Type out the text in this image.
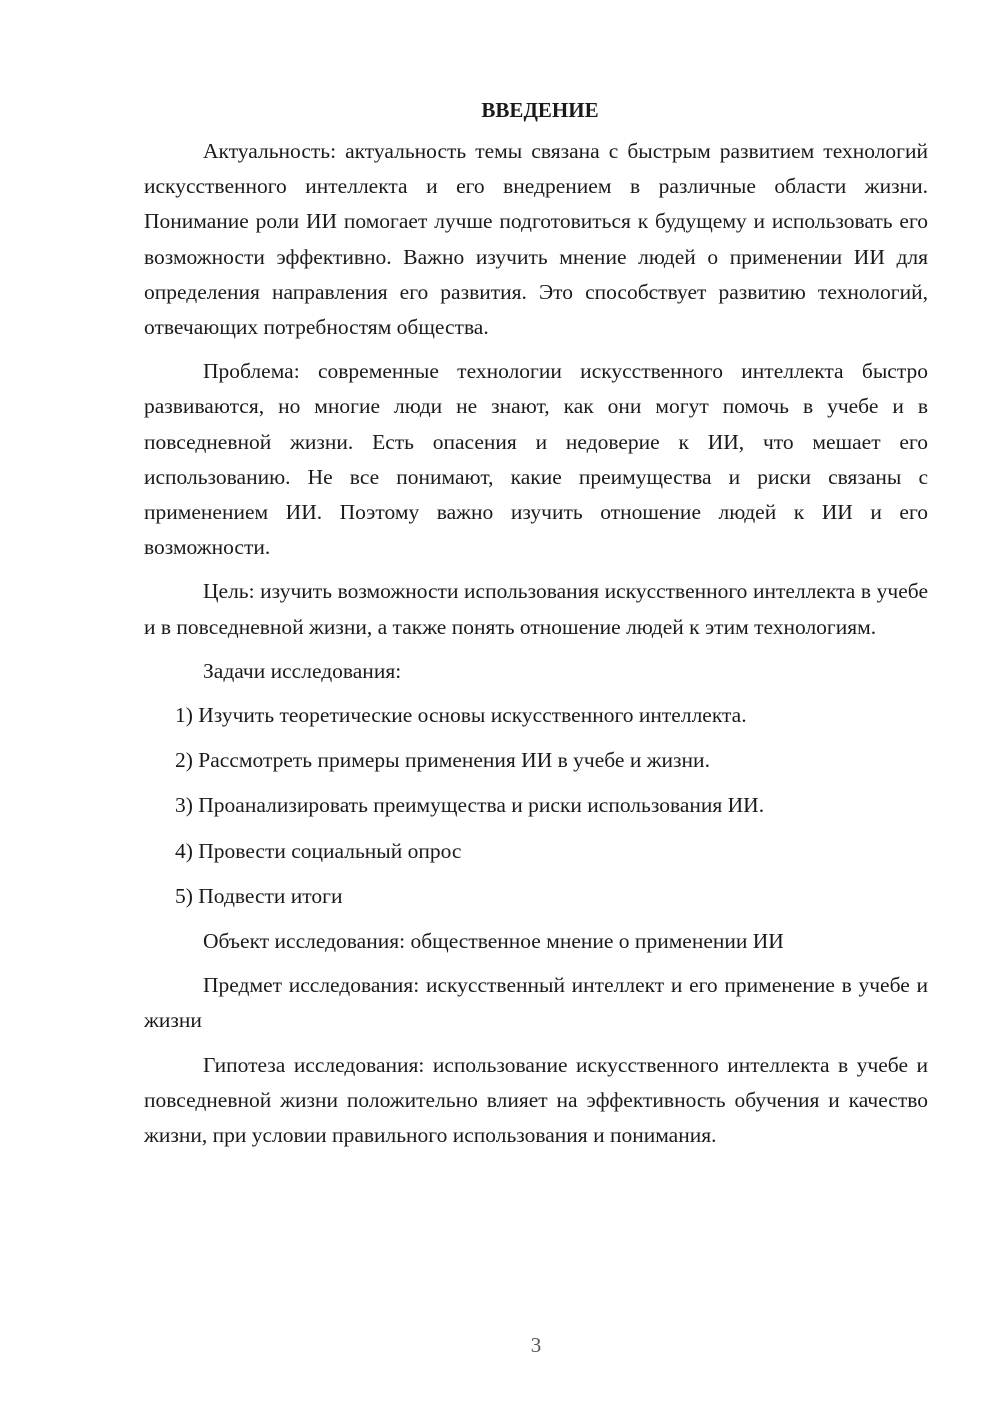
ВВЕДЕНИЕ

Актуальность: актуальность темы связана с быстрым развитием технологий искусственного интеллекта и его внедрением в различные области жизни. Понимание роли ИИ помогает лучше подготовиться к будущему и использовать его возможности эффективно. Важно изучить мнение людей о применении ИИ для определения направления его развития. Это способствует развитию технологий, отвечающих потребностям общества.

Проблема: современные технологии искусственного интеллекта быстро развиваются, но многие люди не знают, как они могут помочь в учебе и в повседневной жизни. Есть опасения и недоверие к ИИ, что мешает его использованию. Не все понимают, какие преимущества и риски связаны с применением ИИ. Поэтому важно изучить отношение людей к ИИ и его возможности.

Цель: изучить возможности использования искусственного интеллекта в учебе и в повседневной жизни, а также понять отношение людей к этим технологиям.

Задачи исследования:

1) Изучить теоретические основы искусственного интеллекта.
2) Рассмотреть примеры применения ИИ в учебе и жизни.
3) Проанализировать преимущества и риски использования ИИ.
4) Провести социальный опрос
5) Подвести итоги

Объект исследования: общественное мнение о применении ИИ

Предмет исследования: искусственный интеллект и его применение в учебе и жизни

Гипотеза исследования: использование искусственного интеллекта в учебе и повседневной жизни положительно влияет на эффективность обучения и качество жизни, при условии правильного использования и понимания.

3
